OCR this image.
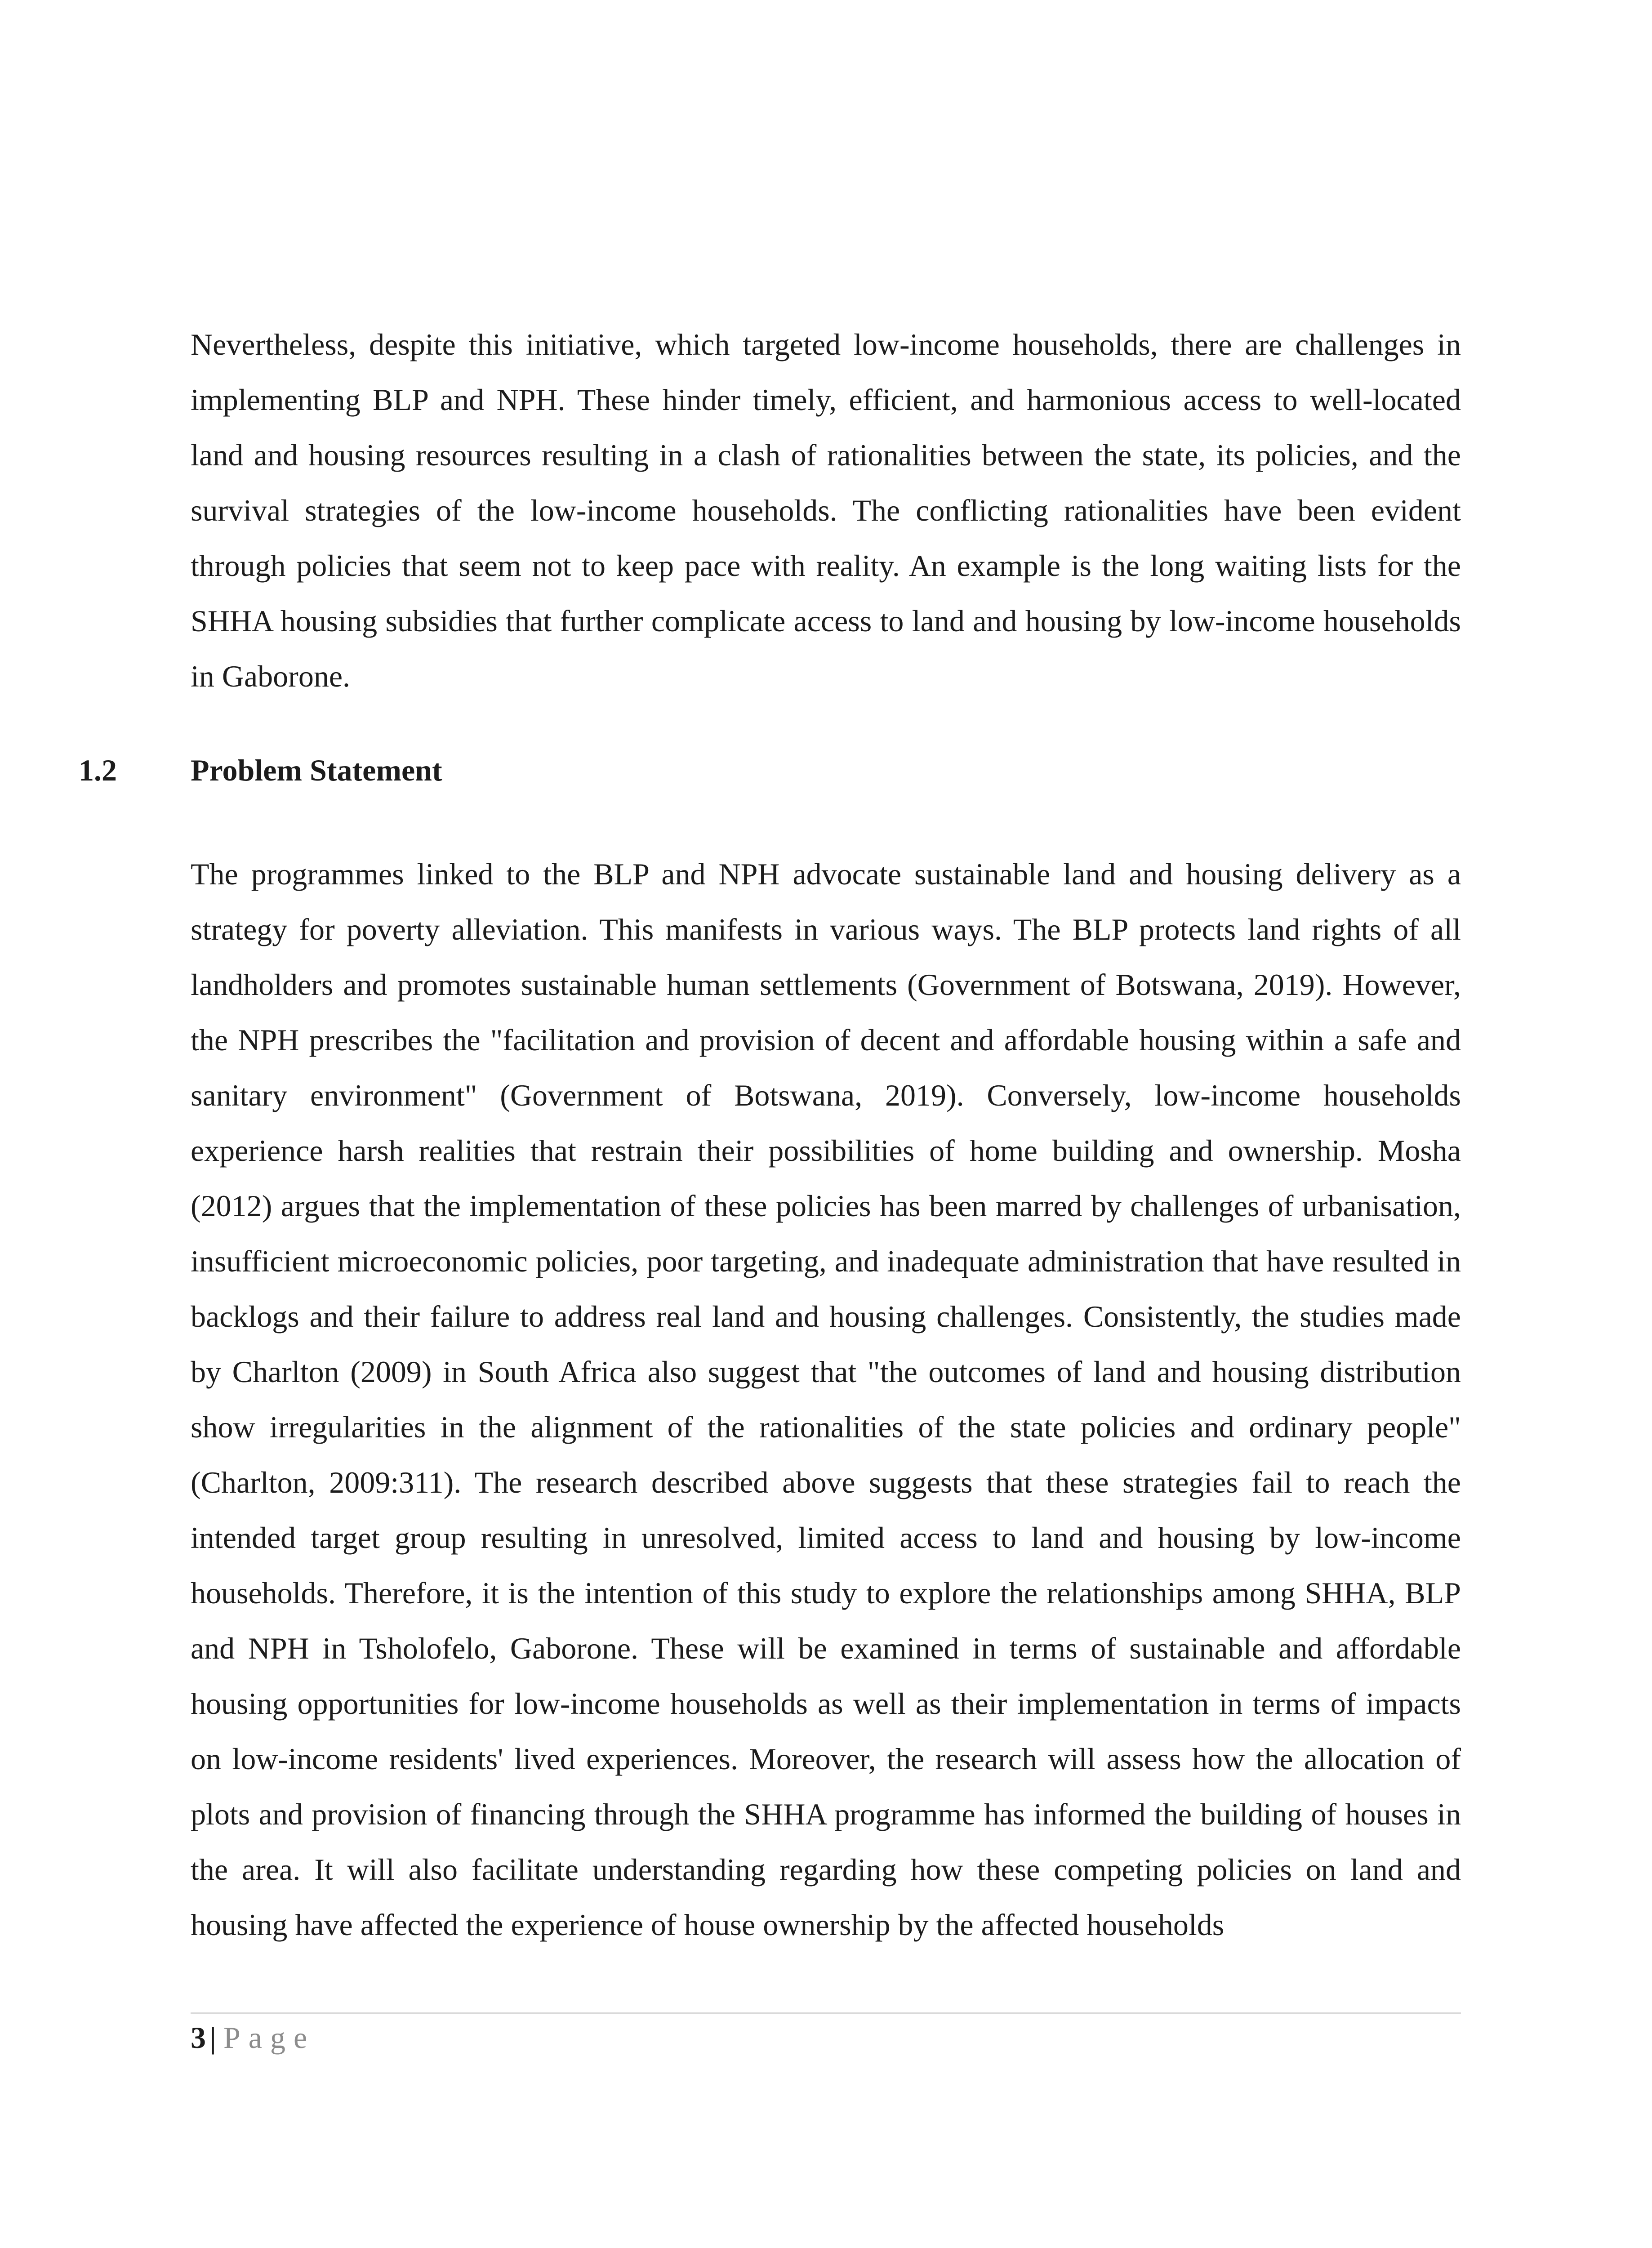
Nevertheless, despite this initiative, which targeted low-income households, there are challenges in implementing BLP and NPH. These hinder timely, efficient, and harmonious access to well-located land and housing resources resulting in a clash of rationalities between the state, its policies, and the survival strategies of the low-income households. The conflicting rationalities have been evident through policies that seem not to keep pace with reality. An example is the long waiting lists for the SHHA housing subsidies that further complicate access to land and housing by low-income households in Gaborone.

1.2 Problem Statement

The programmes linked to the BLP and NPH advocate sustainable land and housing delivery as a strategy for poverty alleviation. This manifests in various ways. The BLP protects land rights of all landholders and promotes sustainable human settlements (Government of Botswana, 2019). However, the NPH prescribes the "facilitation and provision of decent and affordable housing within a safe and sanitary environment" (Government of Botswana, 2019). Conversely, low-income households experience harsh realities that restrain their possibilities of home building and ownership. Mosha (2012) argues that the implementation of these policies has been marred by challenges of urbanisation, insufficient microeconomic policies, poor targeting, and inadequate administration that have resulted in backlogs and their failure to address real land and housing challenges. Consistently, the studies made by Charlton (2009) in South Africa also suggest that "the outcomes of land and housing distribution show irregularities in the alignment of the rationalities of the state policies and ordinary people" (Charlton, 2009:311). The research described above suggests that these strategies fail to reach the intended target group resulting in unresolved, limited access to land and housing by low-income households. Therefore, it is the intention of this study to explore the relationships among SHHA, BLP and NPH in Tsholofelo, Gaborone. These will be examined in terms of sustainable and affordable housing opportunities for low-income households as well as their implementation in terms of impacts on low-income residents' lived experiences. Moreover, the research will assess how the allocation of plots and provision of financing through the SHHA programme has informed the building of houses in the area. It will also facilitate understanding regarding how these competing policies on land and housing have affected the experience of house ownership by the affected households

3 | Page
